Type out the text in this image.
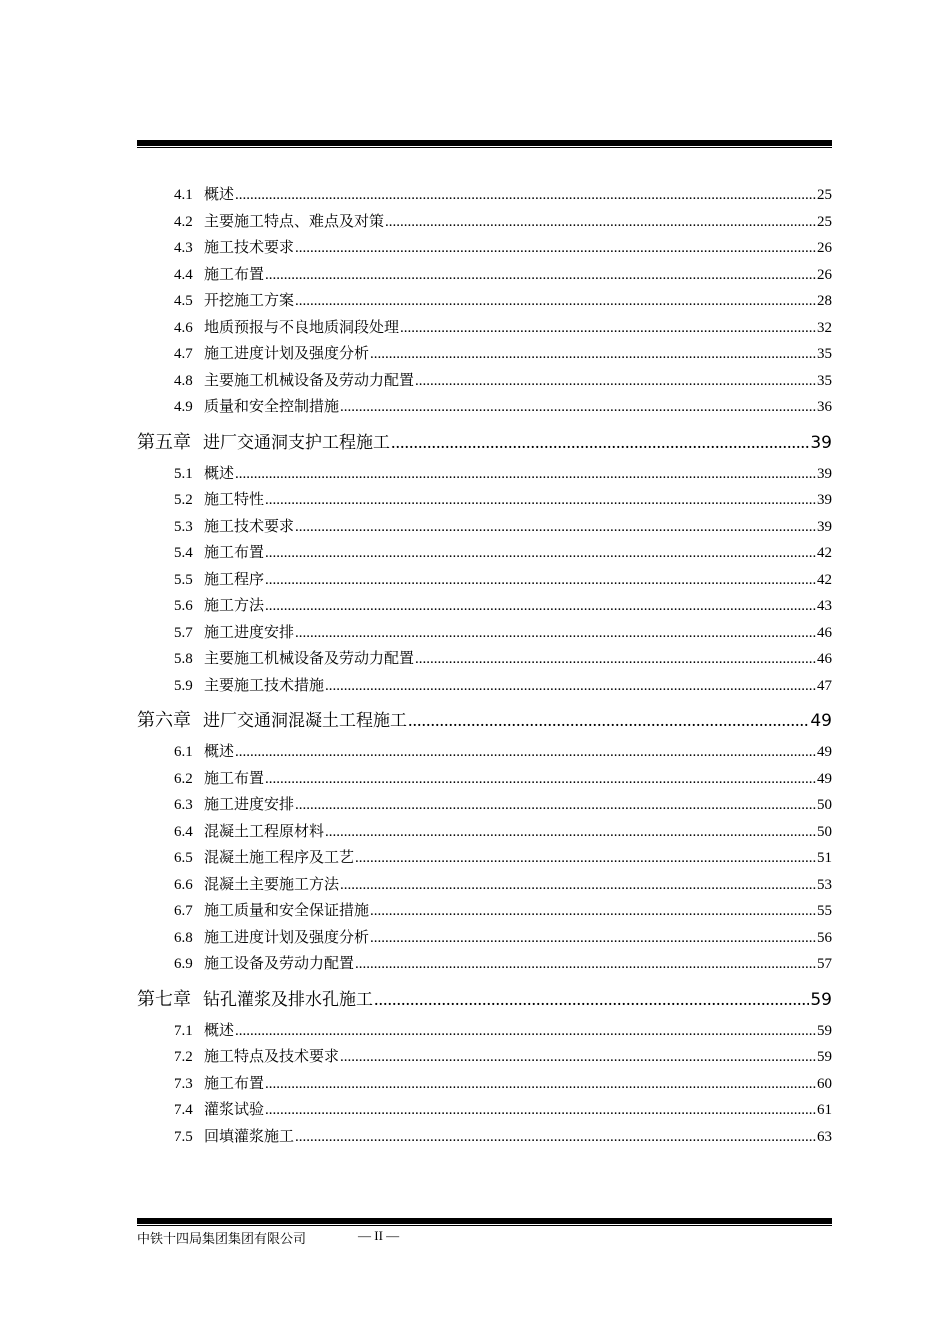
4.1 概述 .....	25
4.2 主要施工特点、难点及对策 .....	25
4.3 施工技术要求 .....	26
4.4 施工布置 .....	26
4.5 开挖施工方案 .....	28
4.6 地质预报与不良地质洞段处理 .....	32
4.7 施工进度计划及强度分析 .....	35
4.8 主要施工机械设备及劳动力配置 .....	35
4.9 质量和安全控制措施 .....	36
第五章 进厂交通洞支护工程施工 .....	39
5.1 概述 .....	39
5.2 施工特性 .....	39
5.3 施工技术要求 .....	39
5.4 施工布置 .....	42
5.5 施工程序 .....	42
5.6 施工方法 .....	43
5.7 施工进度安排 .....	46
5.8 主要施工机械设备及劳动力配置 .....	46
5.9 主要施工技术措施 .....	47
第六章 进厂交通洞混凝土工程施工 .....	49
6.1 概述 .....	49
6.2 施工布置 .....	49
6.3 施工进度安排 .....	50
6.4 混凝土工程原材料 .....	50
6.5 混凝土施工程序及工艺 .....	51
6.6 混凝土主要施工方法 .....	53
6.7 施工质量和安全保证措施 .....	55
6.8 施工进度计划及强度分析 .....	56
6.9 施工设备及劳动力配置 .....	57
第七章 钻孔灌浆及排水孔施工 .....	59
7.1 概述 .....	59
7.2 施工特点及技术要求 .....	59
7.3 施工布置 .....	60
7.4 灌浆试验 .....	61
7.5 回填灌浆施工 .....	63
中铁十四局集团集团有限公司	— II —
